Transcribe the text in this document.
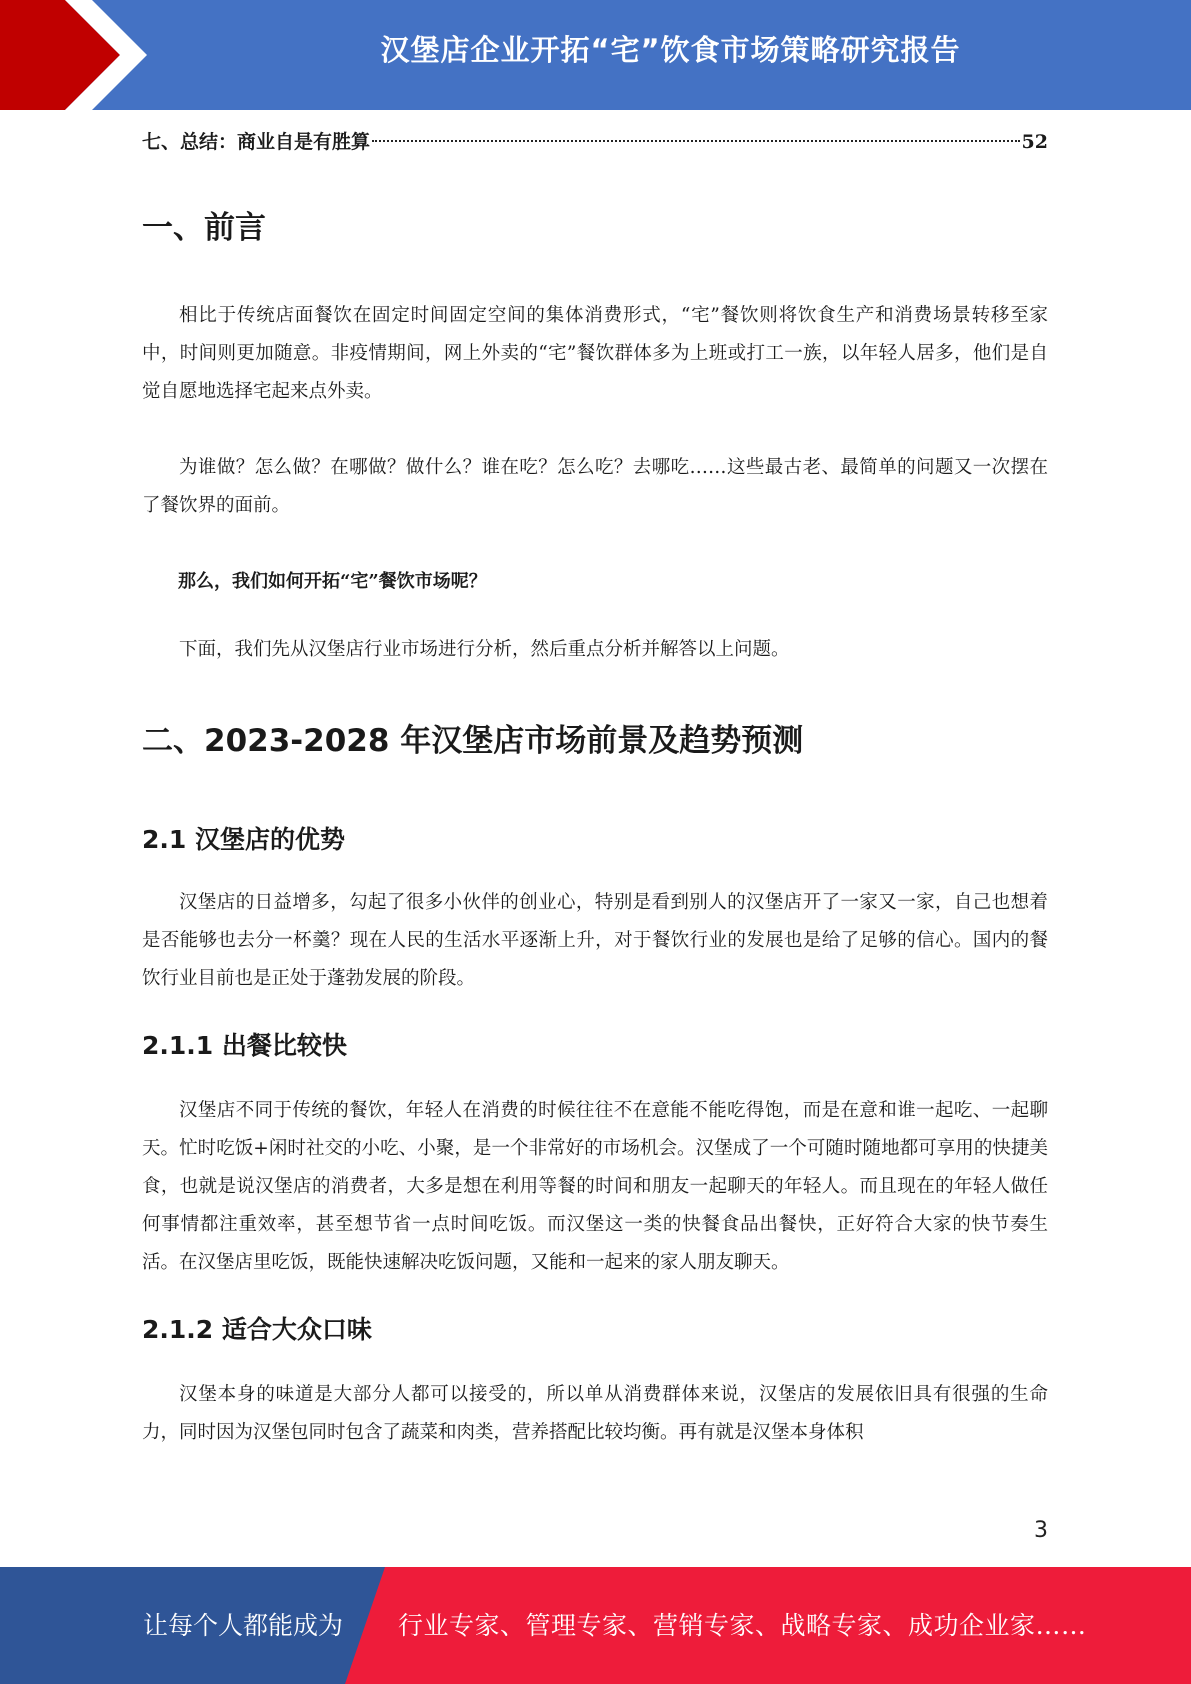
汉堡店企业开拓“宅”饮食市场策略研究报告
七、总结：商业自是有胜算	52
一、前言

相比于传统店面餐饮在固定时间固定空间的集体消费形式，“宅”餐饮则将饮食生产和消费场景转移至家中，时间则更加随意。非疫情期间，网上外卖的“宅”餐饮群体多为上班或打工一族，以年轻人居多，他们是自觉自愿地选择宅起来点外卖。

为谁做？怎么做？在哪做？做什么？谁在吃？怎么吃？去哪吃……这些最古老、最简单的问题又一次摆在了餐饮界的面前。

那么，我们如何开拓“宅”餐饮市场呢？

下面，我们先从汉堡店行业市场进行分析，然后重点分析并解答以上问题。

二、2023-2028 年汉堡店市场前景及趋势预测
2.1 汉堡店的优势

汉堡店的日益增多，勾起了很多小伙伴的创业心，特别是看到别人的汉堡店开了一家又一家，自己也想着是否能够也去分一杯羹？现在人民的生活水平逐渐上升，对于餐饮行业的发展也是给了足够的信心。国内的餐饮行业目前也是正处于蓬勃发展的阶段。

2.1.1 出餐比较快

汉堡店不同于传统的餐饮，年轻人在消费的时候往往不在意能不能吃得饱，而是在意和谁一起吃、一起聊天。忙时吃饭+闲时社交的小吃、小聚，是一个非常好的市场机会。汉堡成了一个可随时随地都可享用的快捷美食，也就是说汉堡店的消费者，大多是想在利用等餐的时间和朋友一起聊天的年轻人。而且现在的年轻人做任何事情都注重效率，甚至想节省一点时间吃饭。而汉堡这一类的快餐食品出餐快，正好符合大家的快节奏生活。在汉堡店里吃饭，既能快速解决吃饭问题，又能和一起来的家人朋友聊天。

2.1.2 适合大众口味

汉堡本身的味道是大部分人都可以接受的，所以单从消费群体来说，汉堡店的发展依旧具有很强的生命力，同时因为汉堡包同时包含了蔬菜和肉类，营养搭配比较均衡。再有就是汉堡本身体积

3
让每个人都能成为 行业专家、管理专家、营销专家、战略专家、成功企业家……
